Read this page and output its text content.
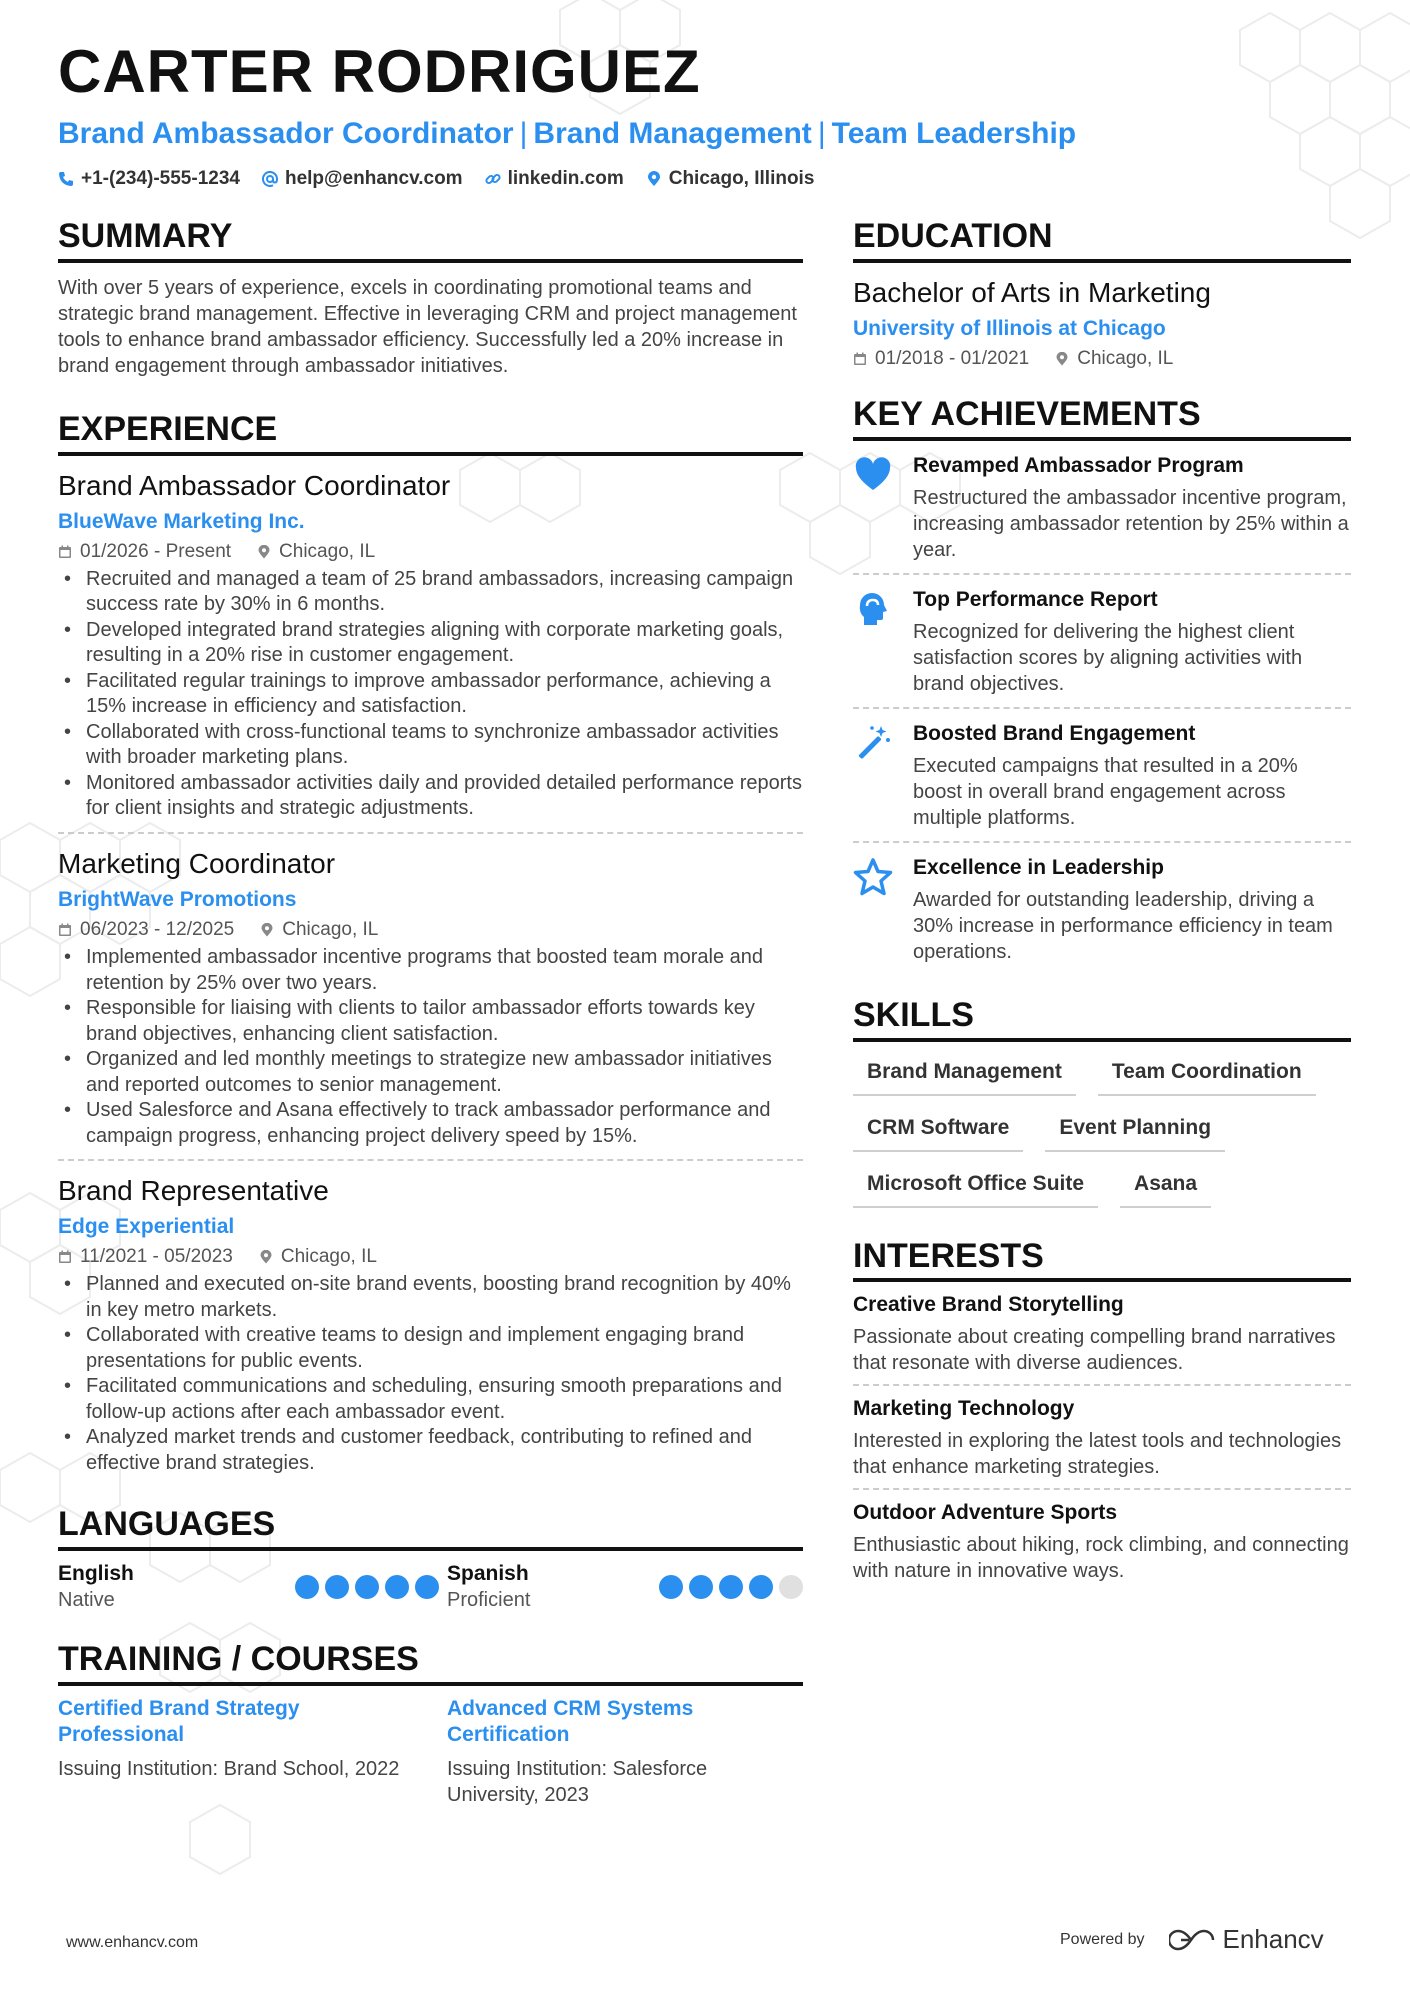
CARTER RODRIGUEZ
Brand Ambassador Coordinator | Brand Management | Team Leadership
+1-(234)-555-1234 help@enhancv.com linkedin.com Chicago, Illinois
SUMMARY

With over 5 years of experience, excels in coordinating promotional teams and strategic brand management. Effective in leveraging CRM and project management tools to enhance brand ambassador efficiency. Successfully led a 20% increase in brand engagement through ambassador initiatives.

EXPERIENCE
Brand Ambassador Coordinator
BlueWave Marketing Inc.
01/2026 - Present	Chicago, IL
• Recruited and managed a team of 25 brand ambassadors, increasing campaign success rate by 30% in 6 months.
• Developed integrated brand strategies aligning with corporate marketing goals, resulting in a 20% rise in customer engagement.
• Facilitated regular trainings to improve ambassador performance, achieving a 15% increase in efficiency and satisfaction.
• Collaborated with cross-functional teams to synchronize ambassador activities with broader marketing plans.
• Monitored ambassador activities daily and provided detailed performance reports for client insights and strategic adjustments.
Marketing Coordinator
BrightWave Promotions
06/2023 - 12/2025	Chicago, IL
• Implemented ambassador incentive programs that boosted team morale and retention by 25% over two years.
• Responsible for liaising with clients to tailor ambassador efforts towards key brand objectives, enhancing client satisfaction.
• Organized and led monthly meetings to strategize new ambassador initiatives and reported outcomes to senior management.
• Used Salesforce and Asana effectively to track ambassador performance and campaign progress, enhancing project delivery speed by 15%.
Brand Representative
Edge Experiential
11/2021 - 05/2023	Chicago, IL
• Planned and executed on-site brand events, boosting brand recognition by 40% in key metro markets.
• Collaborated with creative teams to design and implement engaging brand presentations for public events.
• Facilitated communications and scheduling, ensuring smooth preparations and follow-up actions after each ambassador event.
• Analyzed market trends and customer feedback, contributing to refined and effective brand strategies.
LANGUAGES
English
Native
Spanish
Proficient
TRAINING / COURSES
Certified Brand Strategy Professional
Issuing Institution: Brand School, 2022
Advanced CRM Systems Certification
Issuing Institution: Salesforce University, 2023
EDUCATION
Bachelor of Arts in Marketing
University of Illinois at Chicago
01/2018 - 01/2021	Chicago, IL
KEY ACHIEVEMENTS
Revamped Ambassador Program
Restructured the ambassador incentive program, increasing ambassador retention by 25% within a year.
Top Performance Report
Recognized for delivering the highest client satisfaction scores by aligning activities with brand objectives.
Boosted Brand Engagement
Executed campaigns that resulted in a 20% boost in overall brand engagement across multiple platforms.
Excellence in Leadership
Awarded for outstanding leadership, driving a 30% increase in performance efficiency in team operations.
SKILLS
Brand Management	Team Coordination
CRM Software	Event Planning
Microsoft Office Suite	Asana
INTERESTS
Creative Brand Storytelling
Passionate about creating compelling brand narratives that resonate with diverse audiences.
Marketing Technology
Interested in exploring the latest tools and technologies that enhance marketing strategies.
Outdoor Adventure Sports
Enthusiastic about hiking, rock climbing, and connecting with nature in innovative ways.
www.enhancv.com	Powered by	Enhancv
